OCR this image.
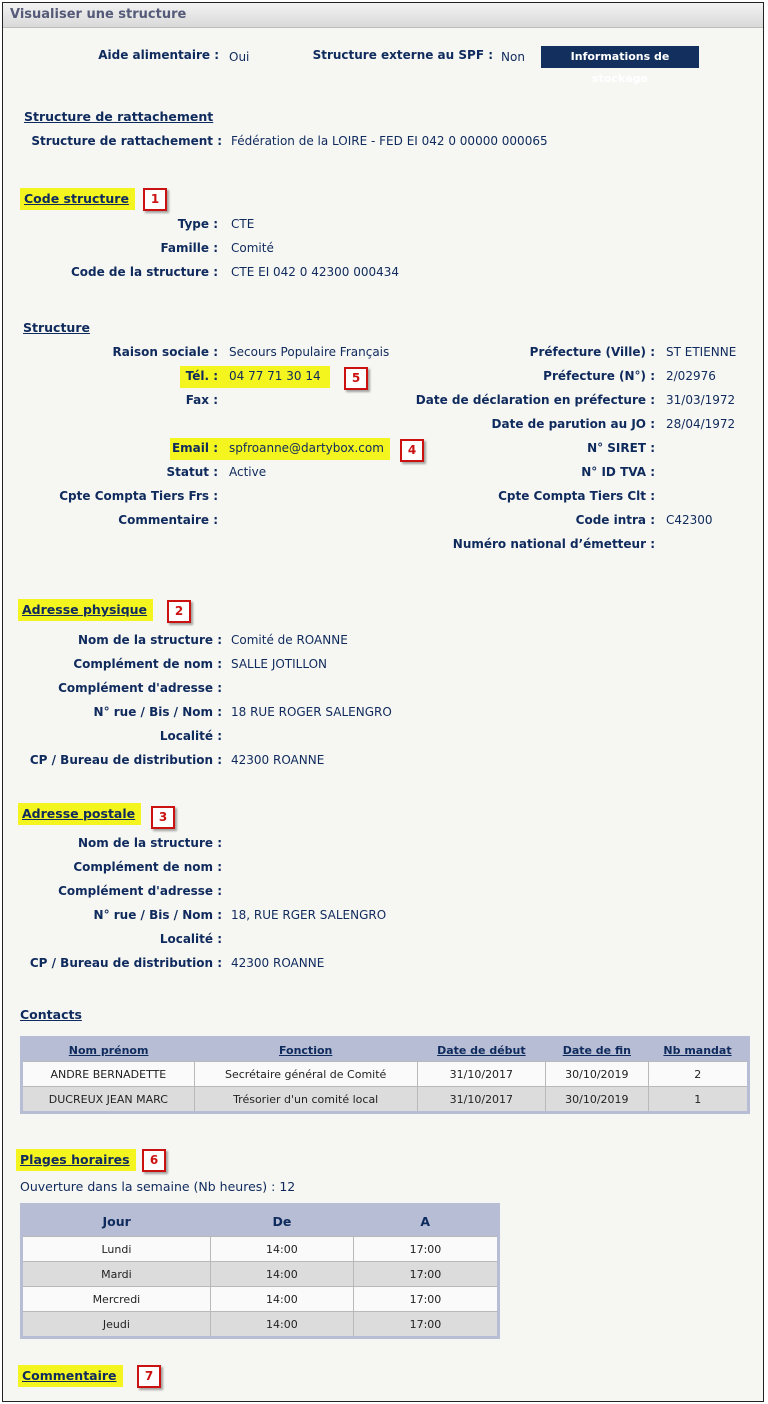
Visualiser une structure
Aide alimentaire : Oui	Structure externe au SPF : Non	Informations de stockage
Structure de rattachement
Structure de rattachement : Fédération de la LOIRE - FED EI 042 0 00000 000065
Code structure	1
Type : CTE
Famille : Comité
Code de la structure : CTE EI 042 0 42300 000434
Structure
Raison sociale : Secours Populaire Français
Tél. : 04 77 71 30 14	5
Fax :
Email : spfroanne@dartybox.com	4
Statut : Active
Cpte Compta Tiers Frs :
Commentaire :
Préfecture (Ville) : ST ETIENNE
Préfecture (N°) : 2/02976
Date de déclaration en préfecture : 31/03/1972
Date de parution au JO : 28/04/1972
N° SIRET :
N° ID TVA :
Cpte Compta Tiers Clt :
Code intra : C42300
Numéro national d’émetteur :
Adresse physique	2
Nom de la structure : Comité de ROANNE
Complément de nom : SALLE JOTILLON
Complément d'adresse :
N° rue / Bis / Nom : 18 RUE ROGER SALENGRO
Localité :
CP / Bureau de distribution : 42300 ROANNE
Adresse postale	3
Nom de la structure :
Complément de nom :
Complément d'adresse :
N° rue / Bis / Nom : 18, RUE RGER SALENGRO
Localité :
CP / Bureau de distribution : 42300 ROANNE
Contacts
Nom prénom	Fonction	Date de début	Date de fin	Nb mandat
ANDRE BERNADETTE	Secrétaire général de Comité	31/10/2017	30/10/2019	2
DUCREUX JEAN MARC	Trésorier d'un comité local	31/10/2017	30/10/2019	1
Plages horaires	6
Ouverture dans la semaine (Nb heures) : 12
Jour	De	A
Lundi	14:00	17:00
Mardi	14:00	17:00
Mercredi	14:00	17:00
Jeudi	14:00	17:00
Commentaire	7
